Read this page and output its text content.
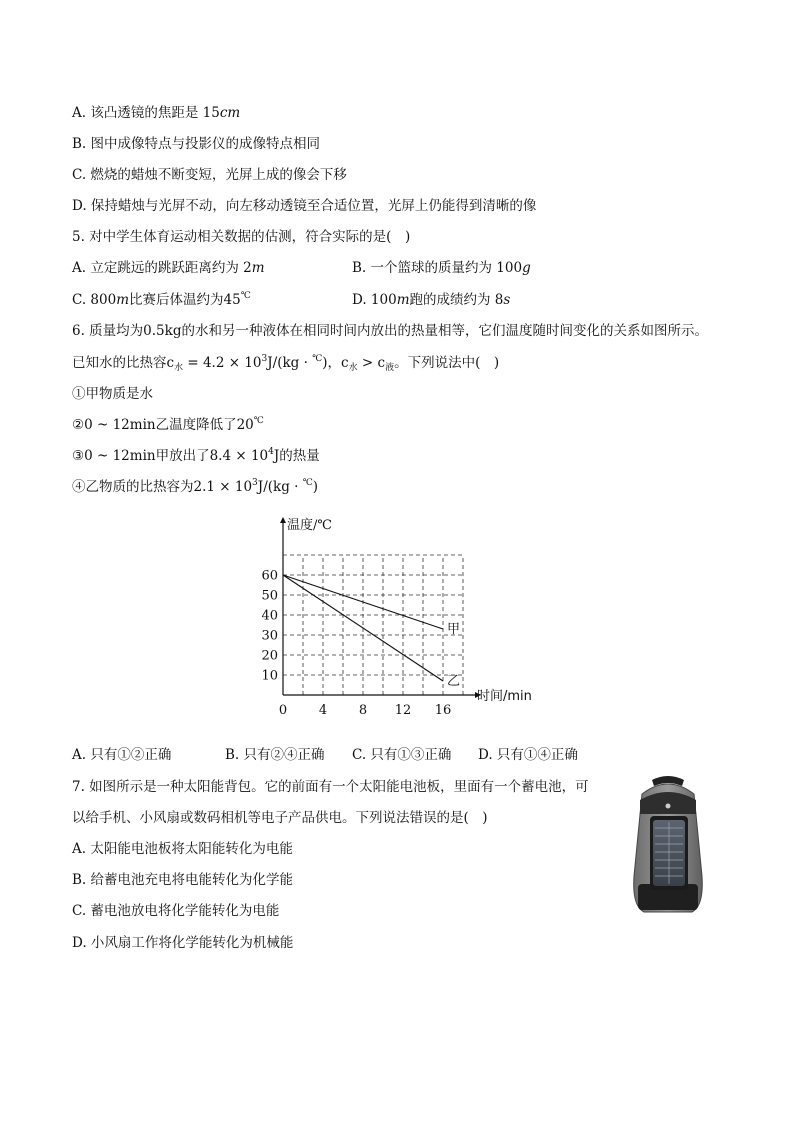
A. 该凸透镜的焦距是 15cm
B. 图中成像特点与投影仪的成像特点相同
C. 燃烧的蜡烛不断变短，光屏上成的像会下移
D. 保持蜡烛与光屏不动，向左移动透镜至合适位置，光屏上仍能得到清晰的像
5. 对中学生体育运动相关数据的估测，符合实际的是(　)
A. 立定跳远的跳跃距离约为 2m	B. 一个篮球的质量约为 100g
C. 800m比赛后体温约为45℃	D. 100m跑的成绩约为 8s
6. 质量均为0.5kg的水和另一种液体在相同时间内放出的热量相等，它们温度随时间变化的关系如图所示。
已知水的比热容$c_水 = 4.2 \times 10^3J/(kg \cdot ^℃)$，$c_水 > c_液$。下列说法中(　)
①甲物质是水
②0 ~ 12min乙温度降低了20℃
③0 ~ 12min甲放出了$8.4 \times 10^4J$的热量
④乙物质的比热容为$2.1 \times 10^3J/(kg \cdot ^℃)$
0 4 8 12 16
10
20
30
40
50
60
甲
乙
温度/℃
时间/min
A. 只有①②正确	B. 只有②④正确 C. 只有①③正确 D. 只有①④正确
7. 如图所示是一种太阳能背包。它的前面有一个太阳能电池板，里面有一个蓄电池，可
以给手机、小风扇或数码相机等电子产品供电。下列说法错误的是(　)
A. 太阳能电池板将太阳能转化为电能
B. 给蓄电池充电将电能转化为化学能
C. 蓄电池放电将化学能转化为电能
D. 小风扇工作将化学能转化为机械能
